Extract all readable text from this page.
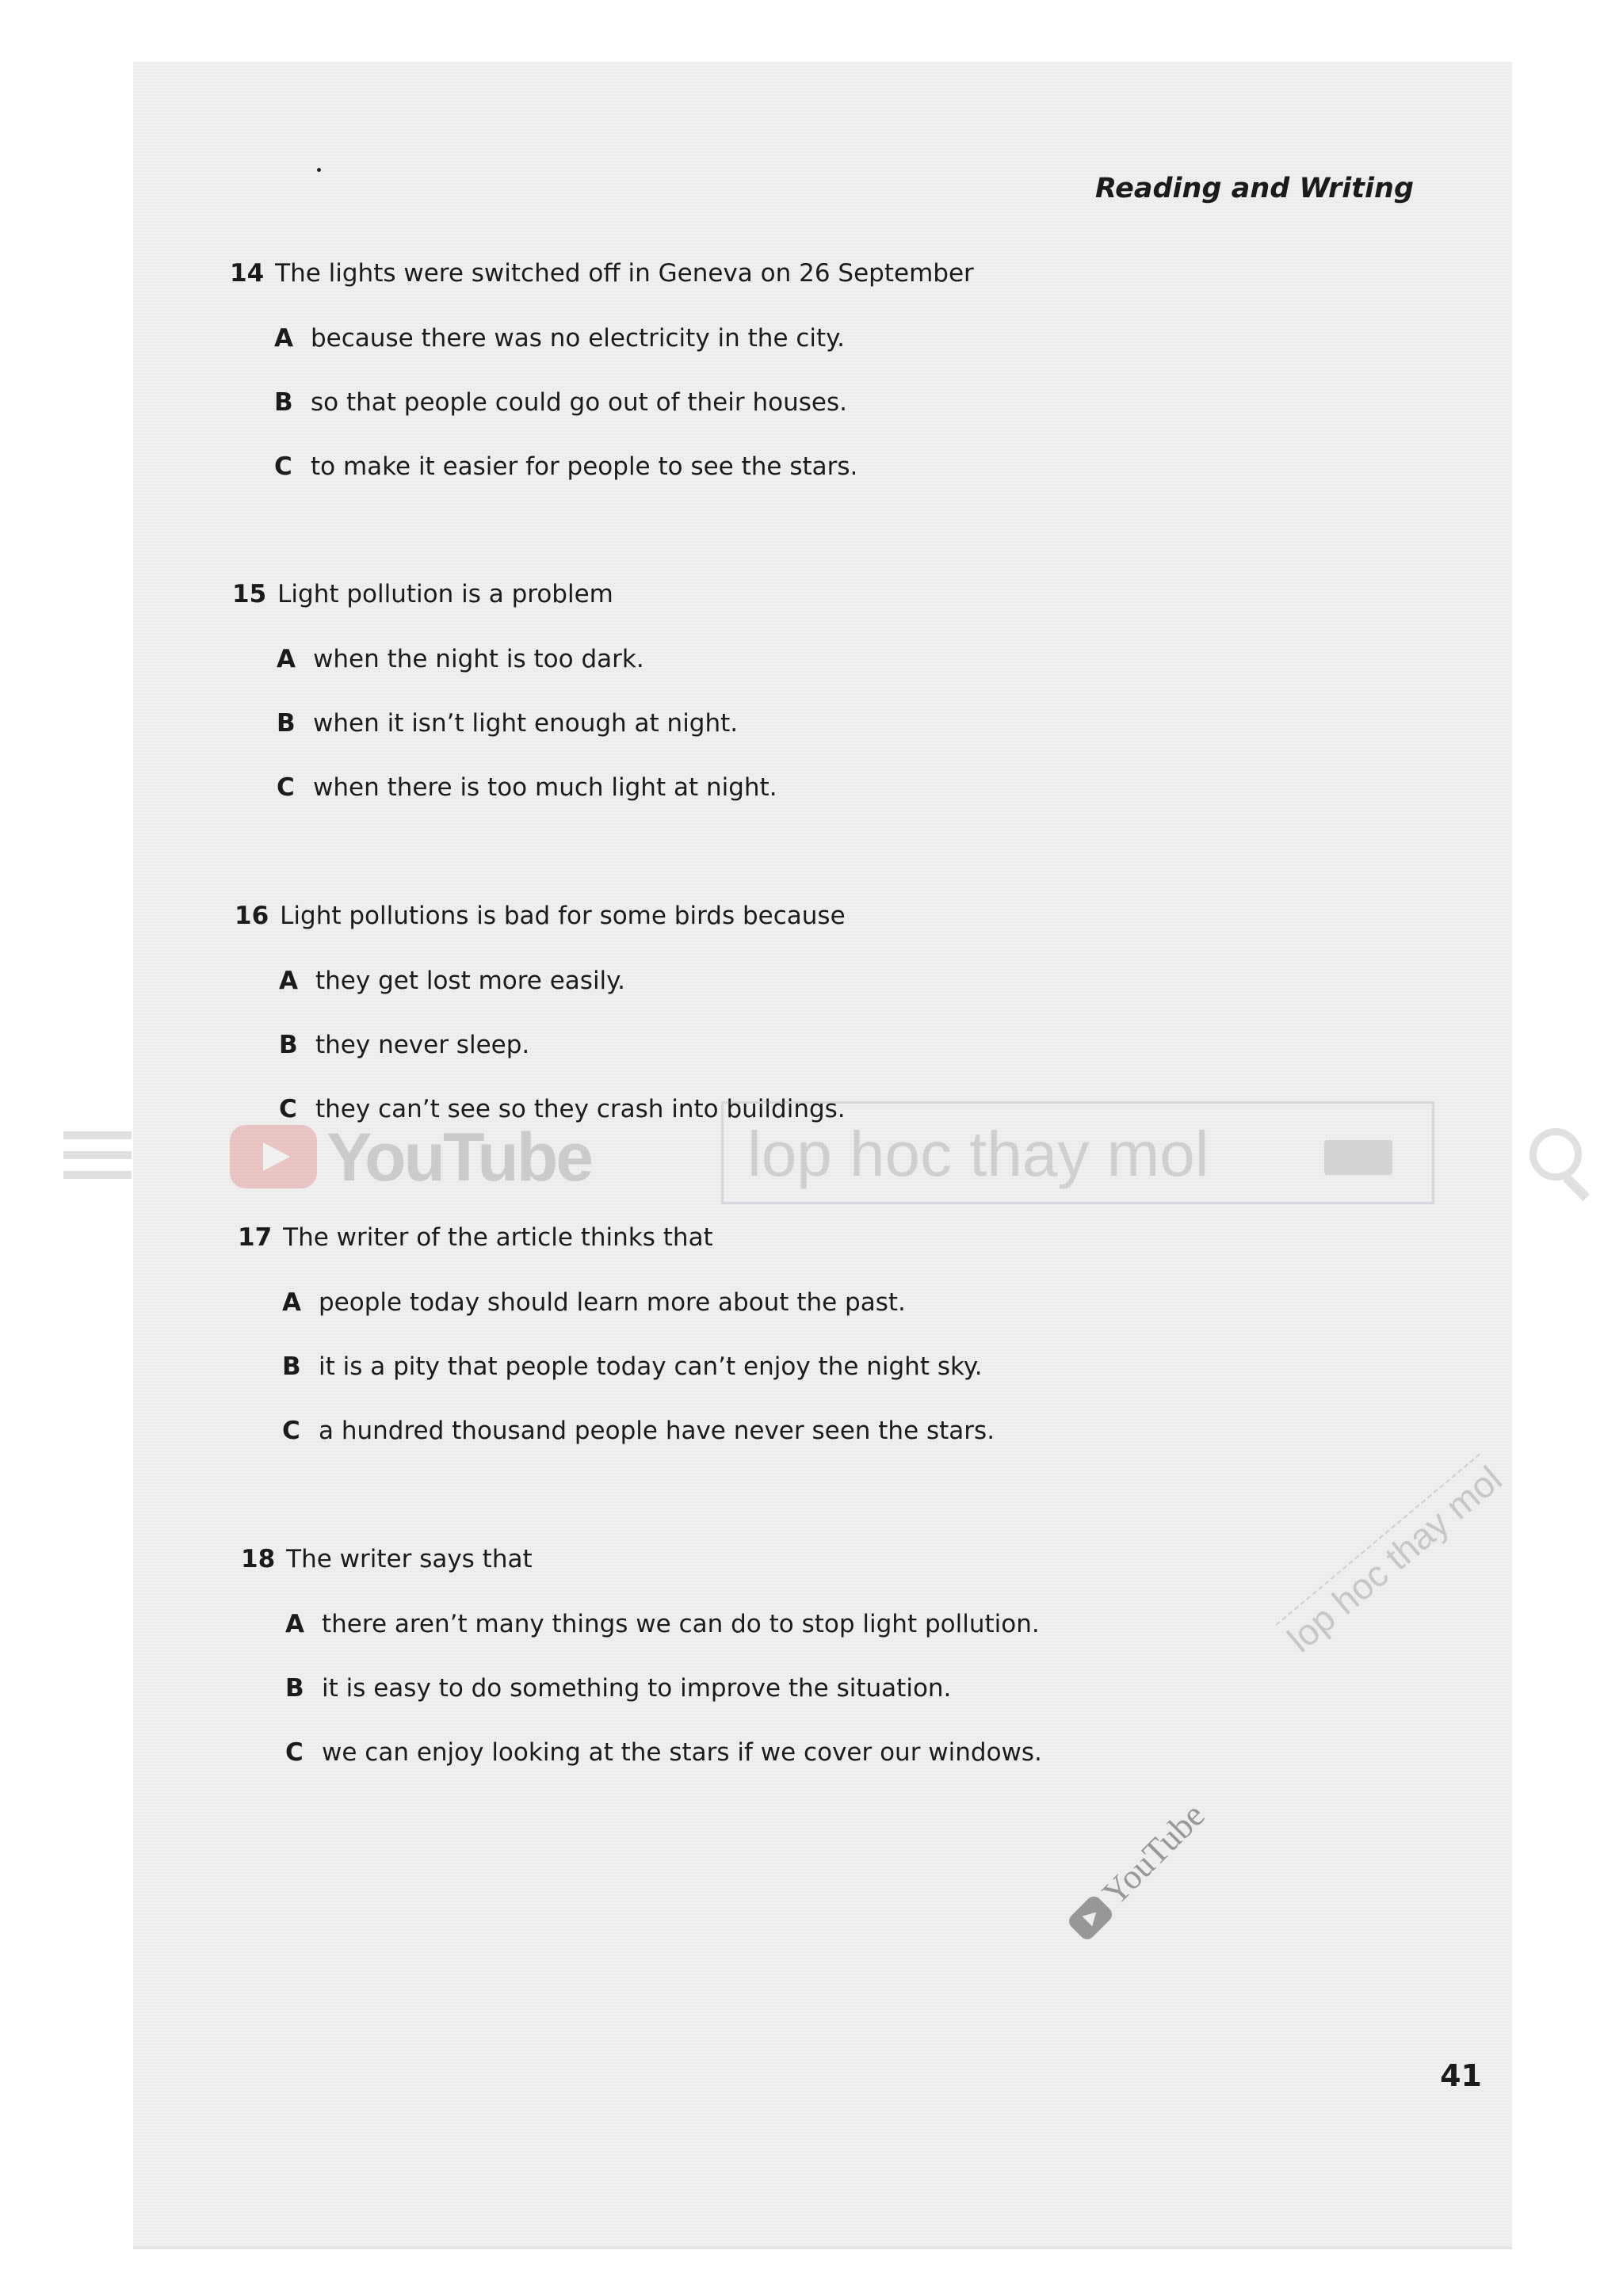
Reading and Writing
14 The lights were switched off in Geneva on 26 September
A because there was no electricity in the city.
B so that people could go out of their houses.
C to make it easier for people to see the stars.
15 Light pollution is a problem
A when the night is too dark.
B when it isn’t light enough at night.
C when there is too much light at night.
16 Light pollutions is bad for some birds because
A they get lost more easily.
B they never sleep.
C they can’t see so they crash into buildings.
17 The writer of the article thinks that
A people today should learn more about the past.
B it is a pity that people today can’t enjoy the night sky.
C a hundred thousand people have never seen the stars.
18 The writer says that
A there aren’t many things we can do to stop light pollution.
B it is easy to do something to improve the situation.
C we can enjoy looking at the stars if we cover our windows.
41
YouTube lop hoc thay mol
lop hoc thay mol
YouTube
